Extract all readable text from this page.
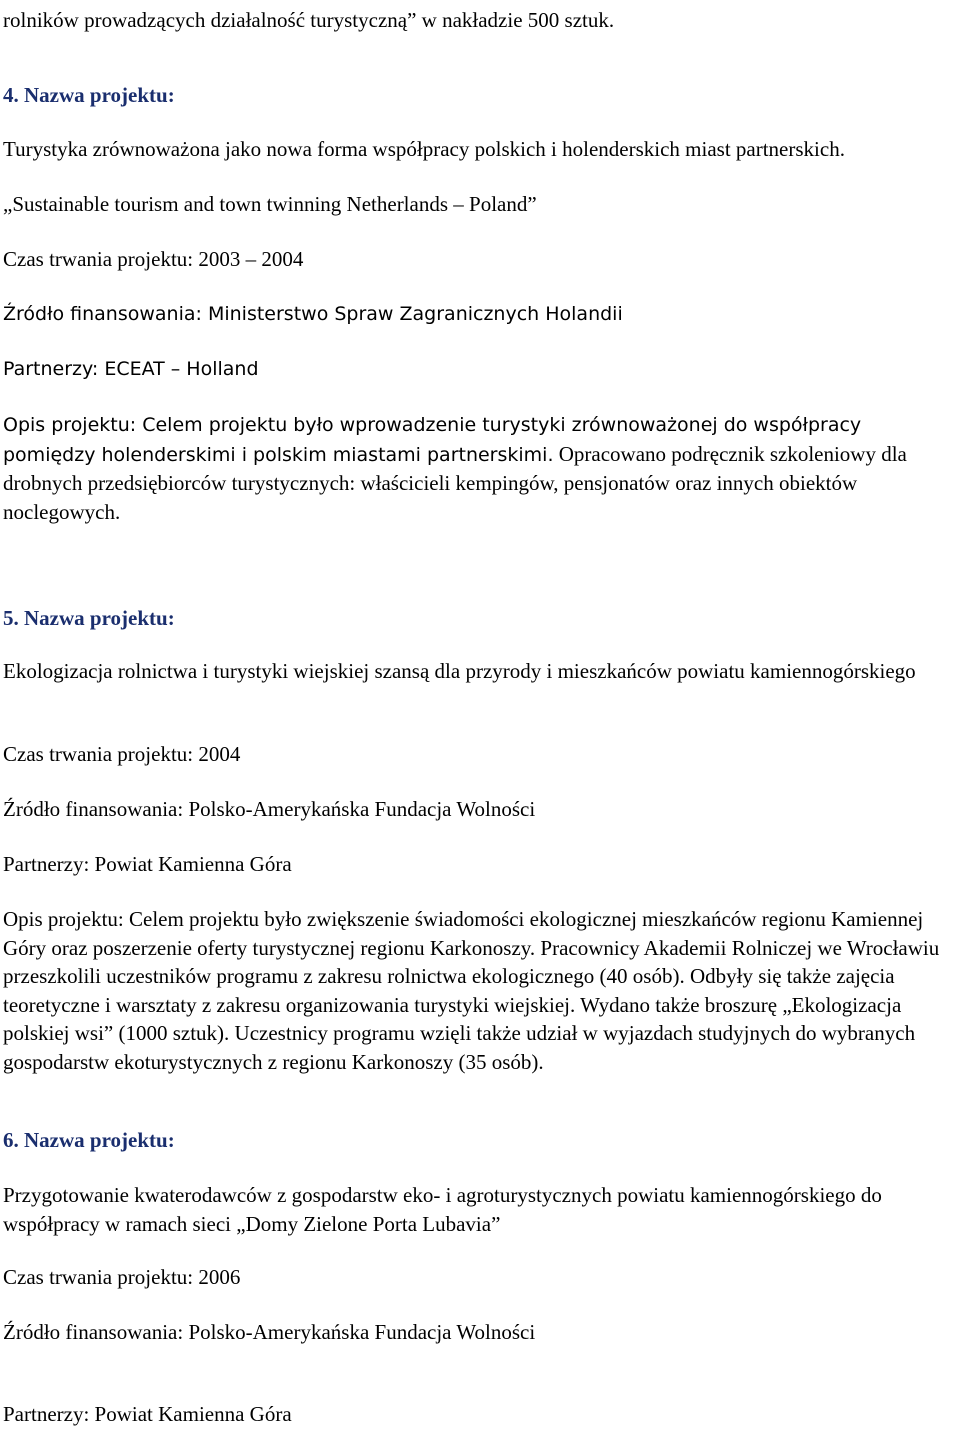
rolników prowadzących działalność turystyczną” w nakładzie 500 sztuk.

4. Nazwa projektu:

Turystyka zrównoważona jako nowa forma współpracy polskich i holenderskich miast partnerskich.

„Sustainable tourism and town twinning Netherlands – Poland”

Czas trwania projektu: 2003 – 2004

Źródło finansowania: Ministerstwo Spraw Zagranicznych Holandii

Partnerzy: ECEAT – Holland

Opis projektu: Celem projektu było wprowadzenie turystyki zrównoważonej do współpracy pomiędzy holenderskimi i polskim miastami partnerskimi. Opracowano podręcznik szkoleniowy dla drobnych przedsiębiorców turystycznych: właścicieli kempingów, pensjonatów oraz innych obiektów noclegowych.

5. Nazwa projektu:

Ekologizacja rolnictwa i turystyki wiejskiej szansą dla przyrody i mieszkańców powiatu kamiennogórskiego

Czas trwania projektu: 2004

Źródło finansowania: Polsko-Amerykańska Fundacja Wolności

Partnerzy: Powiat Kamienna Góra

Opis projektu: Celem projektu było zwiększenie świadomości ekologicznej mieszkańców regionu Kamiennej Góry oraz poszerzenie oferty turystycznej regionu Karkonoszy. Pracownicy Akademii Rolniczej we Wrocławiu przeszkolili uczestników programu z zakresu rolnictwa ekologicznego (40 osób). Odbyły się także zajęcia teoretyczne i warsztaty z zakresu organizowania turystyki wiejskiej. Wydano także broszurę „Ekologizacja polskiej wsi” (1000 sztuk). Uczestnicy programu wzięli także udział w wyjazdach studyjnych do wybranych gospodarstw ekoturystycznych z regionu Karkonoszy (35 osób).

6. Nazwa projektu:

Przygotowanie kwaterodawców z gospodarstw eko- i agroturystycznych powiatu kamiennogórskiego do współpracy w ramach sieci „Domy Zielone Porta Lubavia”

Czas trwania projektu: 2006

Źródło finansowania: Polsko-Amerykańska Fundacja Wolności

Partnerzy: Powiat Kamienna Góra
